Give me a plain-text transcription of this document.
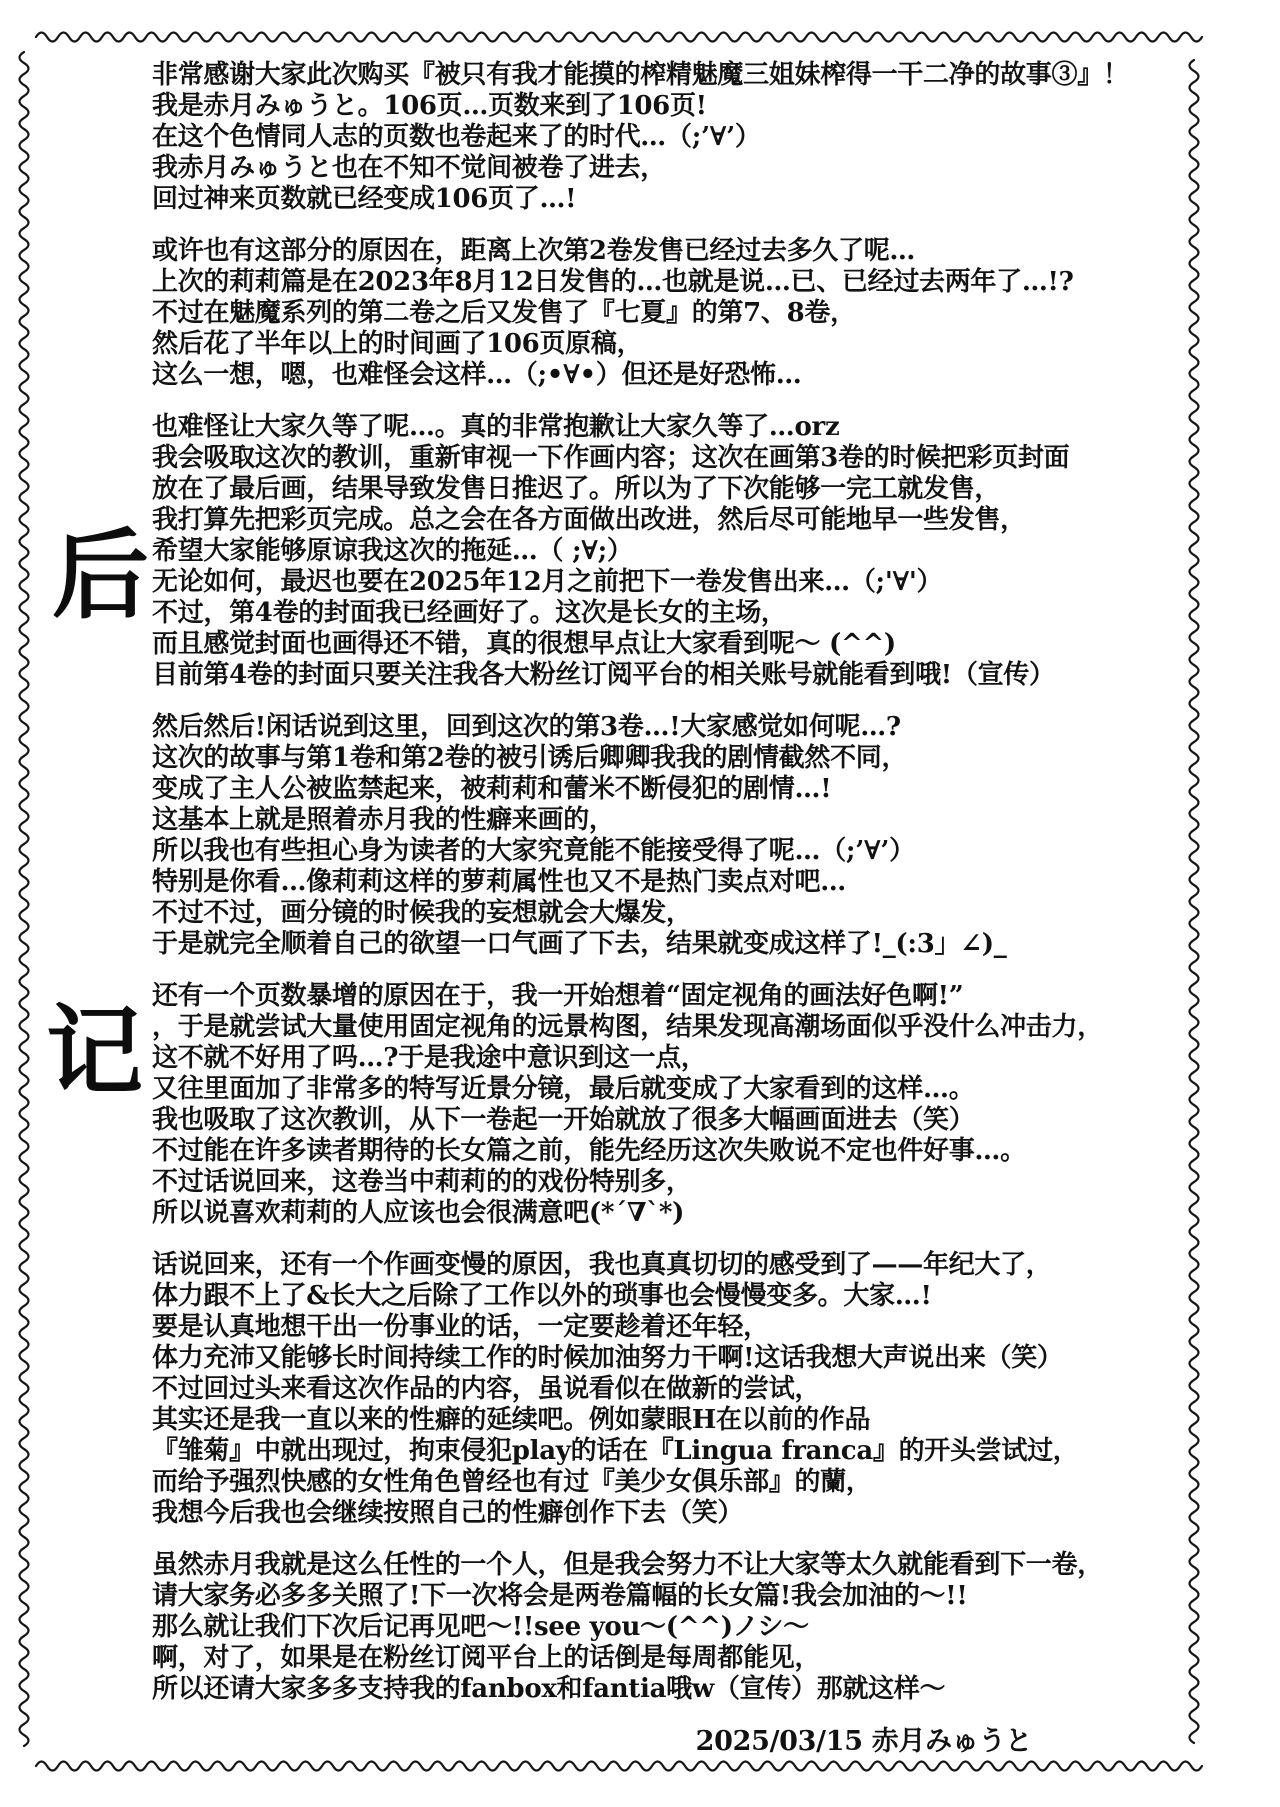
后
记
非常感谢大家此次购买『被只有我才能摸的榨精魅魔三姐妹榨得一干二净的故事③』！
我是赤月みゅうと。106页…页数来到了106页!
在这个色情同人志的页数也卷起来了的时代…（;’∀’）
我赤月みゅうと也在不知不觉间被卷了进去，
回过神来页数就已经变成106页了…!
或许也有这部分的原因在，距离上次第2卷发售已经过去多久了呢…
上次的莉莉篇是在2023年8月12日发售的…也就是说…已、已经过去两年了…!?
不过在魅魔系列的第二卷之后又发售了『七夏』的第7、8卷，
然后花了半年以上的时间画了106页原稿，
这么一想，嗯，也难怪会这样…（;•∀•）但还是好恐怖…
也难怪让大家久等了呢…。真的非常抱歉让大家久等了…orz
我会吸取这次的教训，重新审视一下作画内容；这次在画第3卷的时候把彩页封面
放在了最后画，结果导致发售日推迟了。所以为了下次能够一完工就发售，
我打算先把彩页完成。总之会在各方面做出改进，然后尽可能地早一些发售，
希望大家能够原谅我这次的拖延…（ ;∀;）
无论如何，最迟也要在2025年12月之前把下一卷发售出来…（;'∀'）
不过，第4卷的封面我已经画好了。这次是长女的主场，
而且感觉封面也画得还不错，真的很想早点让大家看到呢～ (^^)
目前第4卷的封面只要关注我各大粉丝订阅平台的相关账号就能看到哦!（宣传）
然后然后!闲话说到这里，回到这次的第3卷…!大家感觉如何呢…?
这次的故事与第1卷和第2卷的被引诱后卿卿我我的剧情截然不同，
变成了主人公被监禁起来，被莉莉和蕾米不断侵犯的剧情…!
这基本上就是照着赤月我的性癖来画的，
所以我也有些担心身为读者的大家究竟能不能接受得了呢…（;’∀’）
特别是你看…像莉莉这样的萝莉属性也又不是热门卖点对吧…
不过不过，画分镜的时候我的妄想就会大爆发，
于是就完全顺着自己的欲望一口气画了下去，结果就变成这样了!_(:3」∠)_
还有一个页数暴增的原因在于，我一开始想着“固定视角的画法好色啊!”
，于是就尝试大量使用固定视角的远景构图，结果发现高潮场面似乎没什么冲击力，
这不就不好用了吗…?于是我途中意识到这一点，
又往里面加了非常多的特写近景分镜，最后就变成了大家看到的这样…。
我也吸取了这次教训，从下一卷起一开始就放了很多大幅画面进去（笑）
不过能在许多读者期待的长女篇之前，能先经历这次失败说不定也件好事…。
不过话说回来，这卷当中莉莉的的戏份特别多，
所以说喜欢莉莉的人应该也会很满意吧(*´∇`*)
话说回来，还有一个作画变慢的原因，我也真真切切的感受到了——年纪大了，
体力跟不上了&长大之后除了工作以外的琐事也会慢慢变多。大家…!
要是认真地想干出一份事业的话，一定要趁着还年轻，
体力充沛又能够长时间持续工作的时候加油努力干啊!这话我想大声说出来（笑）
不过回过头来看这次作品的内容，虽说看似在做新的尝试，
其实还是我一直以来的性癖的延续吧。例如蒙眼H在以前的作品
『雏菊』中就出现过，拘束侵犯play的话在『Lingua franca』的开头尝试过，
而给予强烈快感的女性角色曾经也有过『美少女俱乐部』的蘭，
我想今后我也会继续按照自己的性癖创作下去（笑）
虽然赤月我就是这么任性的一个人，但是我会努力不让大家等太久就能看到下一卷，
请大家务必多多关照了!下一次将会是两卷篇幅的长女篇!我会加油的～!!
那么就让我们下次后记再见吧～!!see you～(^^)ノシ～
啊，对了，如果是在粉丝订阅平台上的话倒是每周都能见，
所以还请大家多多支持我的fanbox和fantia哦w（宣传）那就这样～
2025/03/15 赤月みゅうと
